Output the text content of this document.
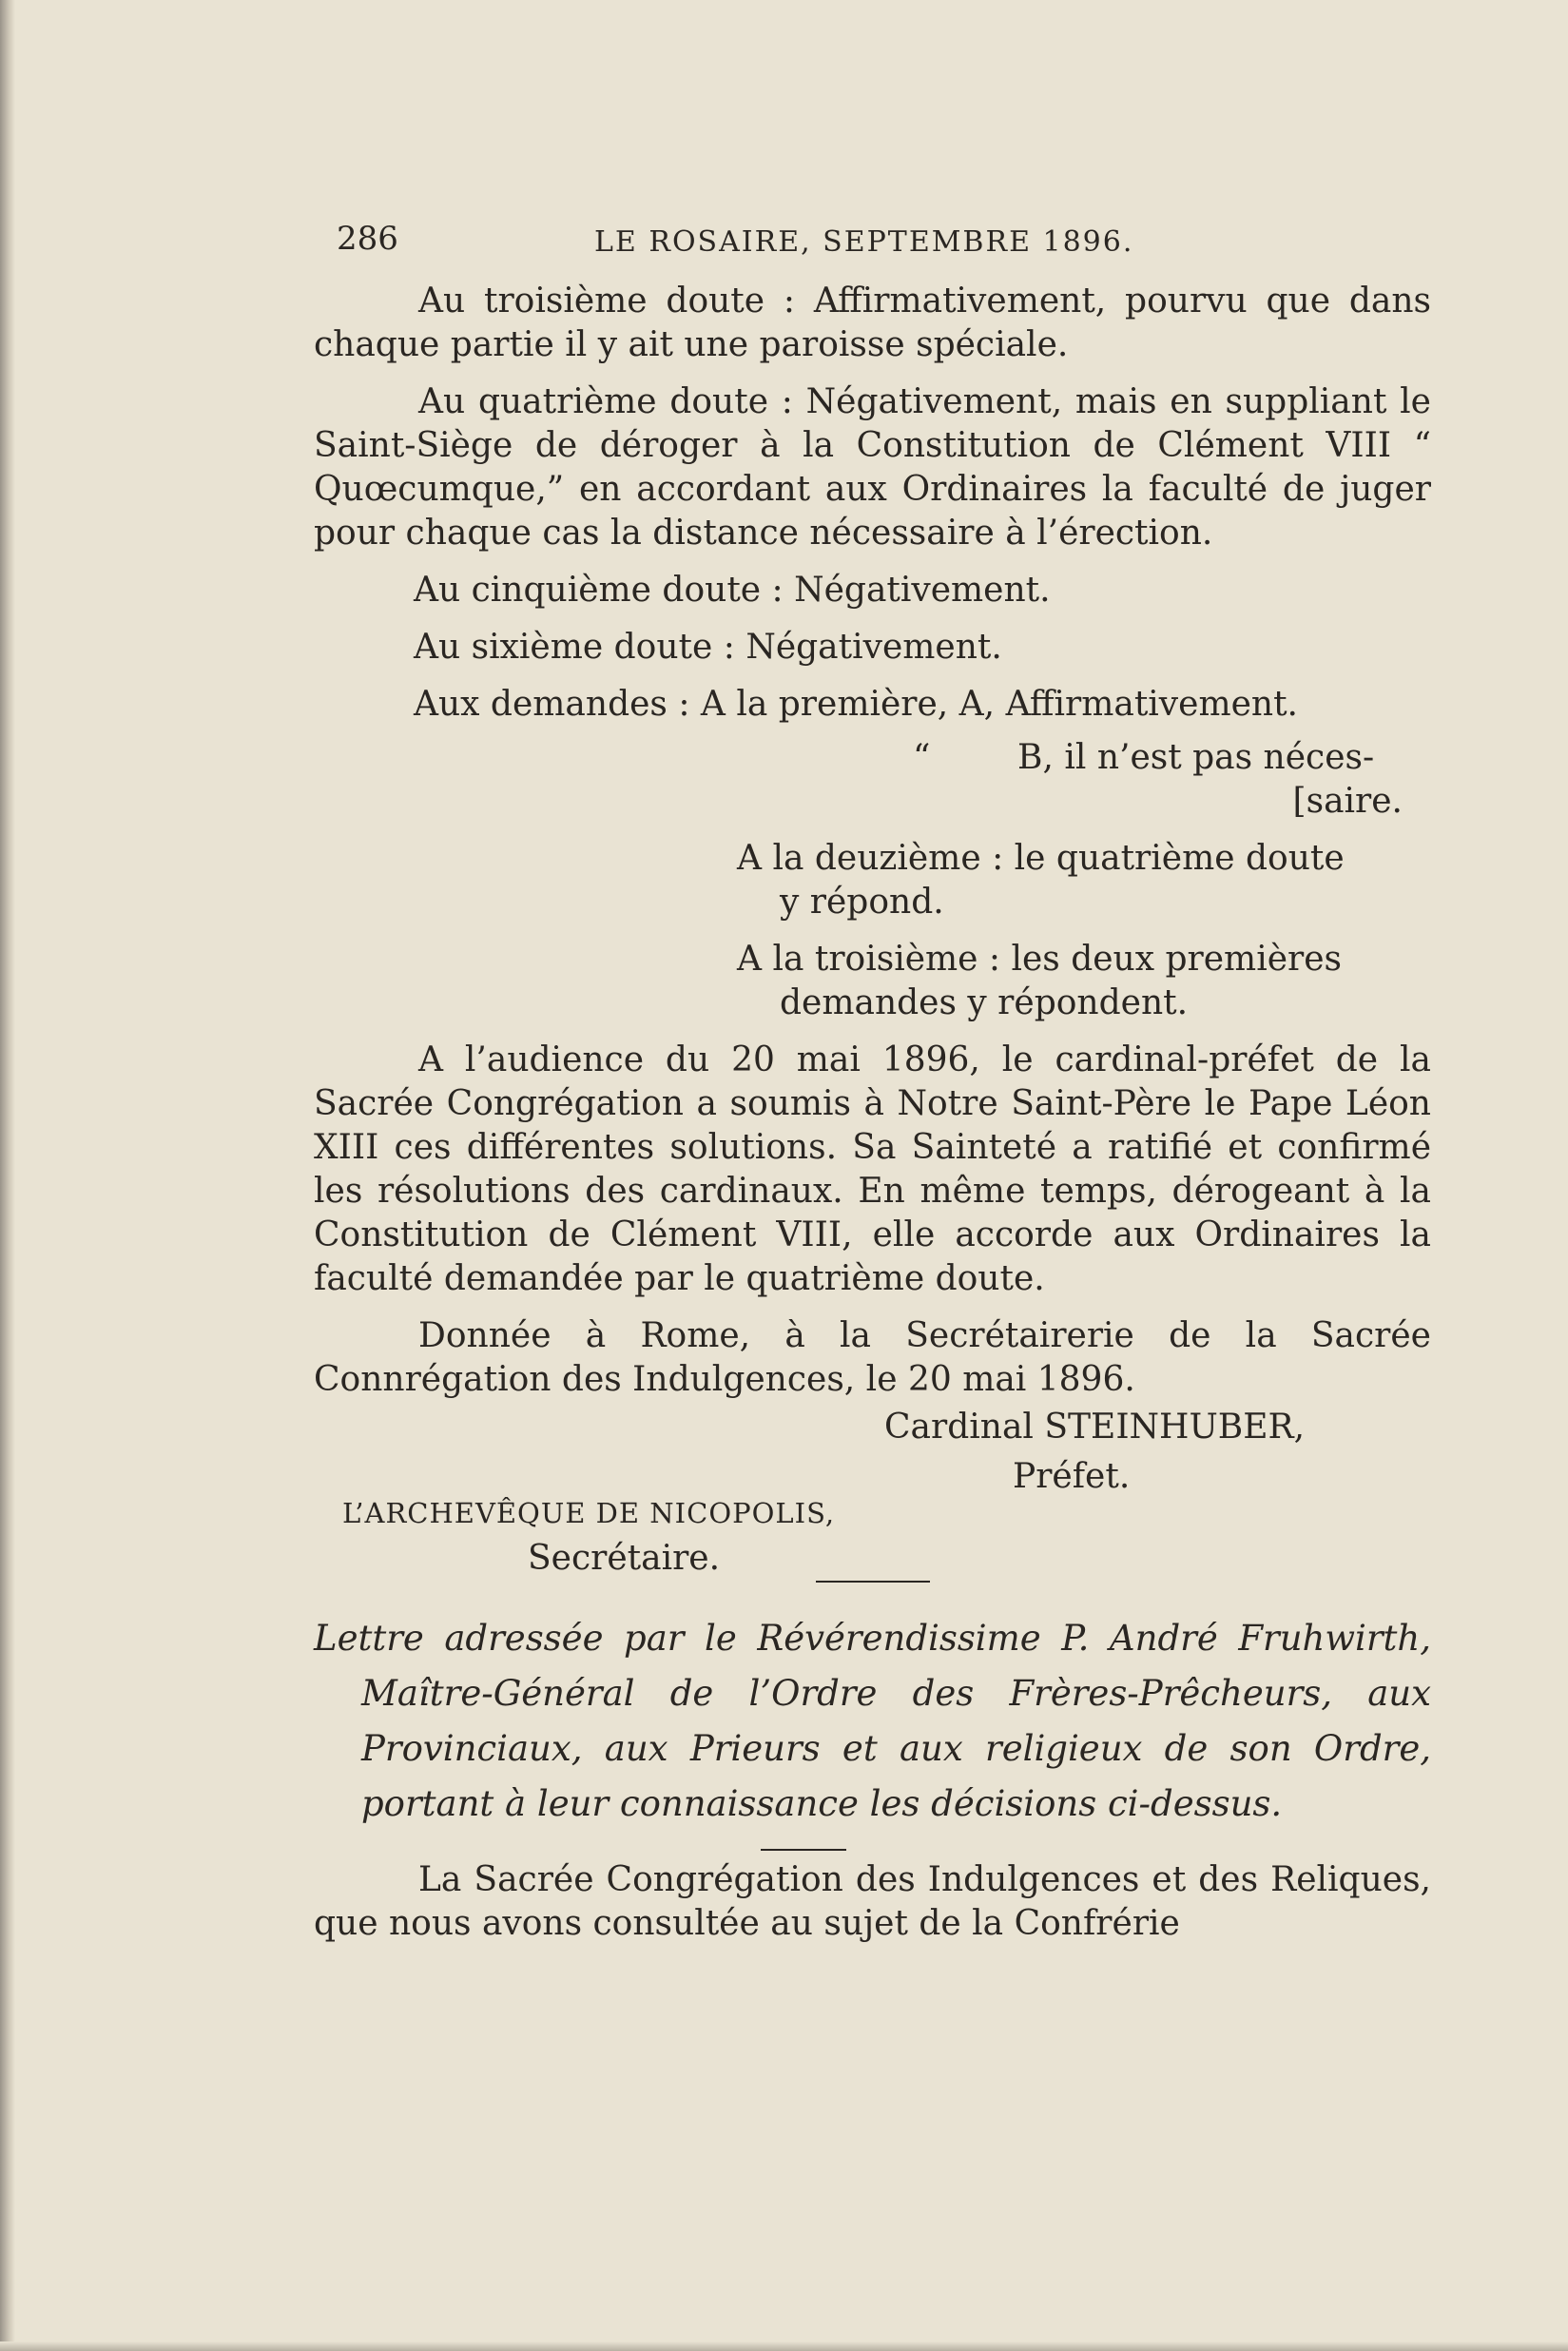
286	LE ROSAIRE, SEPTEMBRE 1896.

Au troisième doute : Affirmativement, pourvu que dans chaque partie il y ait une paroisse spéciale.

Au quatrième doute : Négativement, mais en suppliant le Saint-Siège de déroger à la Constitution de Clément VIII “ Quœcumque,” en accordant aux Ordinaires la faculté de juger pour chaque cas la distance nécessaire à l’érection.

Au cinquième doute : Négativement.

Au sixième doute : Négativement.

Aux demandes : A la première, A, Affirmativement.

“	B, il n’est pas néces-
[saire.
A la deuzième : le quatrième doute
y répond.
A la troisième : les deux premières
demandes y répondent.

A l’audience du 20 mai 1896, le cardinal-préfet de la Sacrée Congrégation a soumis à Notre Saint-Père le Pape Léon XIII ces différentes solutions. Sa Sainteté a ratifié et confirmé les résolutions des cardinaux. En même temps, dérogeant à la Constitution de Clément VIII, elle accorde aux Ordinaires la faculté demandée par le quatrième doute.

Donnée à Rome, à la Secrétairerie de la Sacrée Connrégation des Indulgences, le 20 mai 1896.

Cardinal STEINHUBER,
Préfet.
L’ARCHEVÊQUE DE NICOPOLIS,
Secrétaire.

Lettre adressée par le Révérendissime P. André Fruhwirth, Maître-Général de l’Ordre des Frères-Prêcheurs, aux Provinciaux, aux Prieurs et aux religieux de son Ordre, portant à leur connaissance les décisions ci-dessus.

La Sacrée Congrégation des Indulgences et des Reliques, que nous avons consultée au sujet de la Confrérie
